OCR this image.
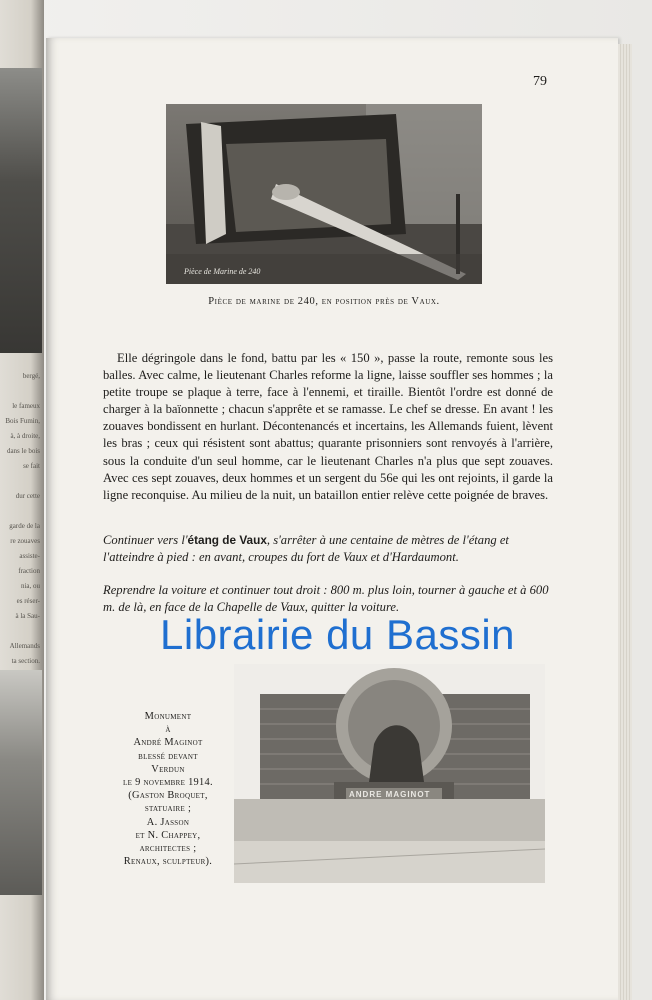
bergé,
le fameux
Bois Fumin,
à, à droite,
dans le bois
se fait
dur cette
garde de la
re zouaves
assiste-
fraction
nia, ou
es réser-
à la Sau-
Allemands
ta section.
79
Pièce de Marine de 240
Pièce de marine de 240, en position près de Vaux.

Elle dégringole dans le fond, battu par les « 150 », passe la route, remonte sous les balles. Avec calme, le lieutenant Charles reforme la ligne, laisse souffler ses hommes ; la petite troupe se plaque à terre, face à l'ennemi, et tiraille. Bientôt l'ordre est donné de charger à la baïonnette ; chacun s'apprête et se ramasse. Le chef se dresse. En avant ! les zouaves bondissent en hurlant. Décontenancés et incertains, les Allemands fuient, lèvent les bras ; ceux qui résistent sont abattus; quarante prisonniers sont renvoyés à l'arrière, sous la conduite d'un seul homme, car le lieutenant Charles n'a plus que sept zouaves. Avec ces sept zouaves, deux hommes et un sergent du 56e qui les ont rejoints, il garde la ligne reconquise. Au milieu de la nuit, un bataillon entier relève cette poignée de braves.

Continuer vers l'étang de Vaux, s'arrêter à une centaine de mètres de l'étang et l'atteindre à pied : en avant, croupes du fort de Vaux et d'Hardaumont.
Reprendre la voiture et continuer tout droit : 800 m. plus loin, tourner à gauche et à 600 m. de là, en face de la Chapelle de Vaux, quitter la voiture.
Librairie du Bassin
ANDRE MAGINOT
Monument
à
André Maginot
blessé devant
Verdun
le 9 novembre 1914.
(Gaston Broquet,
statuaire ;
A. Jasson
et N. Chappey,
architectes ;
Renaux, sculpteur).
